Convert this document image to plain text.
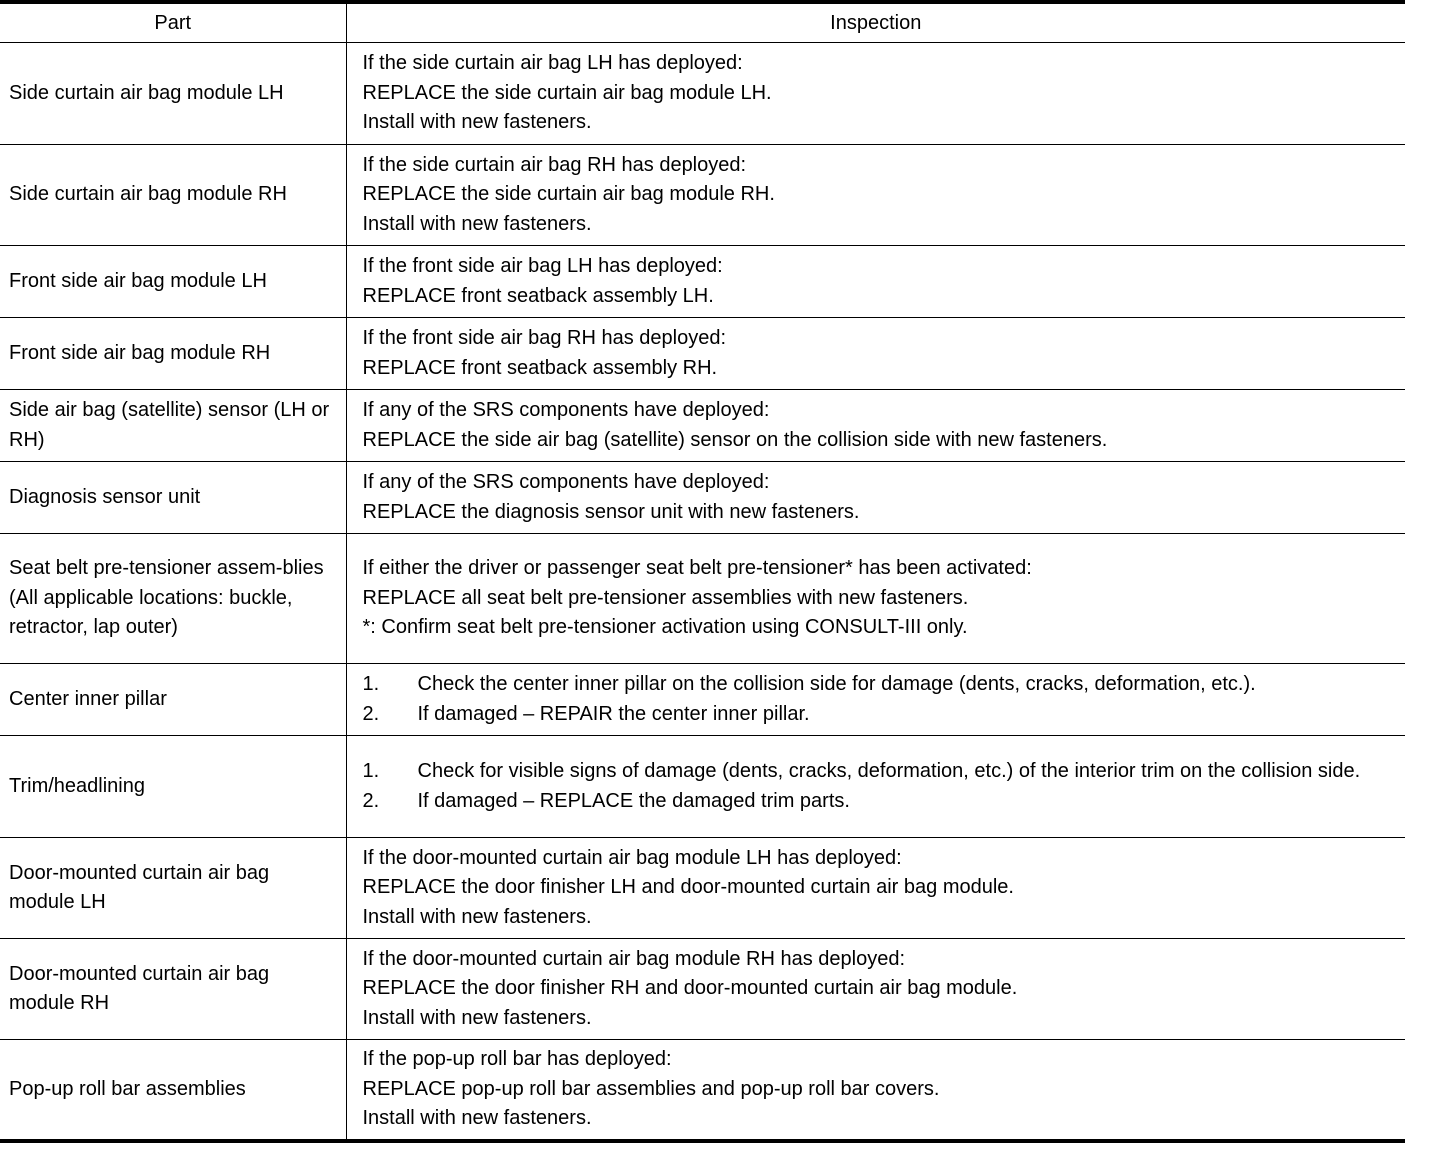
Part	Inspection

Side curtain air bag module LH	If the side curtain air bag LH has deployed:
REPLACE the side curtain air bag module LH.
Install with new fasteners.

Side curtain air bag module RH	If the side curtain air bag RH has deployed:
REPLACE the side curtain air bag module RH.
Install with new fasteners.

Front side air bag module LH	If the front side air bag LH has deployed:
REPLACE front seatback assembly LH.

Front side air bag module RH	If the front side air bag RH has deployed:
REPLACE front seatback assembly RH.

Side air bag (satellite) sensor (LH or RH)	If any of the SRS components have deployed:
REPLACE the side air bag (satellite) sensor on the collision side with new fasteners.

Diagnosis sensor unit	If any of the SRS components have deployed:
REPLACE the diagnosis sensor unit with new fasteners.

Seat belt pre-tensioner assem-blies
(All applicable locations: buckle, retractor, lap outer)	If either the driver or passenger seat belt pre-tensioner* has been activated:
REPLACE all seat belt pre-tensioner assemblies with new fasteners.
*: Confirm seat belt pre-tensioner activation using CONSULT-III only.

Center inner pillar	1. Check the center inner pillar on the collision side for damage (dents, cracks, deformation, etc.).
2. If damaged – REPAIR the center inner pillar.

Trim/headlining	1. Check for visible signs of damage (dents, cracks, deformation, etc.) of the interior trim on the collision side.
2. If damaged – REPLACE the damaged trim parts.

Door-mounted curtain air bag module LH	If the door-mounted curtain air bag module LH has deployed:
REPLACE the door finisher LH and door-mounted curtain air bag module.
Install with new fasteners.

Door-mounted curtain air bag module RH	If the door-mounted curtain air bag module RH has deployed:
REPLACE the door finisher RH and door-mounted curtain air bag module.
Install with new fasteners.

Pop-up roll bar assemblies	If the pop-up roll bar has deployed:
REPLACE pop-up roll bar assemblies and pop-up roll bar covers.
Install with new fasteners.
